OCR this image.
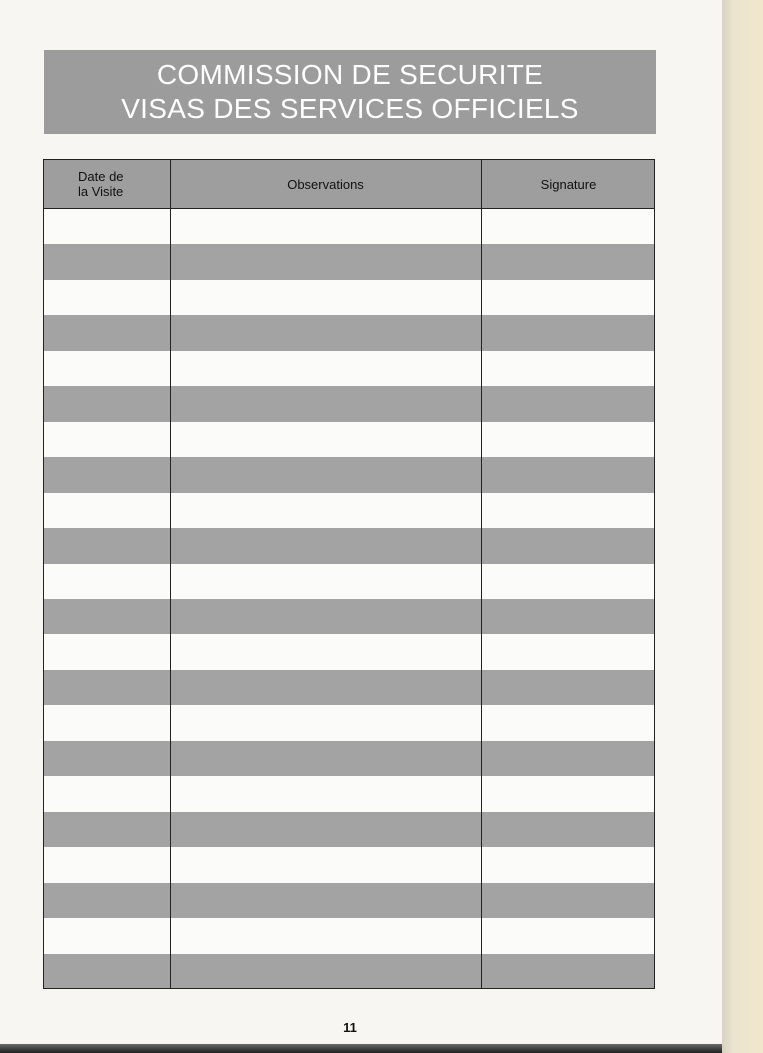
COMMISSION DE SECURITE
VISAS DES SERVICES OFFICIELS
Date de
la Visite	Observations	Signature
11
